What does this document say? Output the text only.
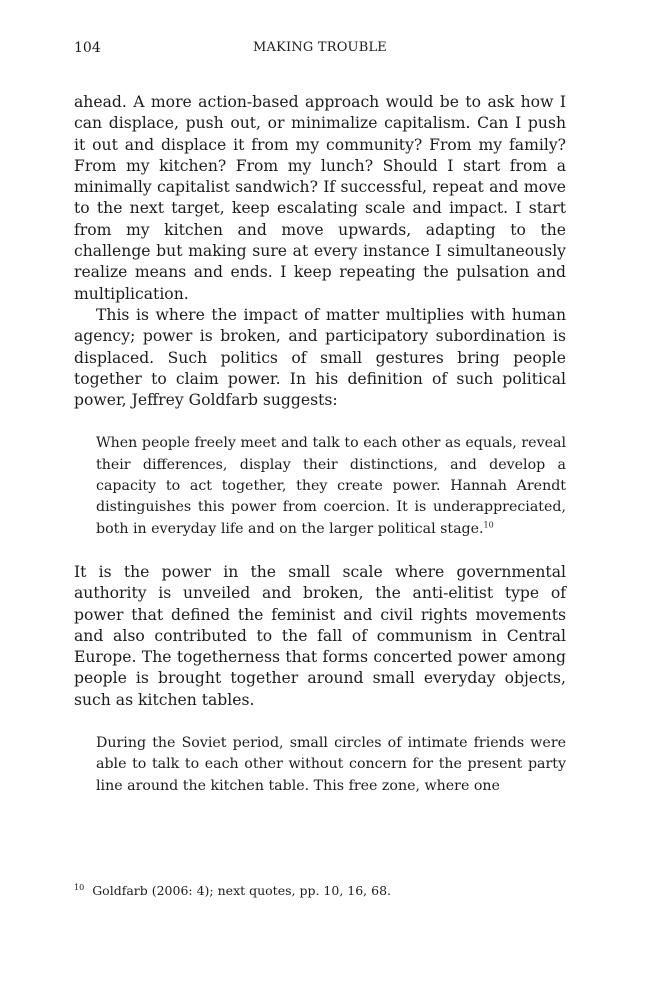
104	MAKING TROUBLE

ahead. A more action-based approach would be to ask how I can displace, push out, or minimalize capitalism. Can I push it out and displace it from my community? From my family? From my kitchen? From my lunch? Should I start from a minimally capitalist sandwich? If successful, repeat and move to the next target, keep escalating scale and impact. I start from my kitchen and move upwards, adapting to the challenge but making sure at every instance I simultaneously realize means and ends. I keep repeating the pulsation and multiplication.

This is where the impact of matter multiplies with human agency; power is broken, and participatory subordination is displaced. Such politics of small gestures bring people together to claim power. In his definition of such political power, Jeffrey Goldfarb suggests:

When people freely meet and talk to each other as equals, reveal their differences, display their distinctions, and develop a capacity to act together, they create power. Hannah Arendt distinguishes this power from coercion. It is underappreciated, both in everyday life and on the larger political stage.$^{10}$

It is the power in the small scale where governmental authority is unveiled and broken, the anti-elitist type of power that defined the feminist and civil rights movements and also contributed to the fall of communism in Central Europe. The togetherness that forms concerted power among people is brought together around small everyday objects, such as kitchen tables.

During the Soviet period, small circles of intimate friends were able to talk to each other without concern for the present party line around the kitchen table. This free zone, where one

$^{10}$ Goldfarb (2006: 4); next quotes, pp. 10, 16, 68.
